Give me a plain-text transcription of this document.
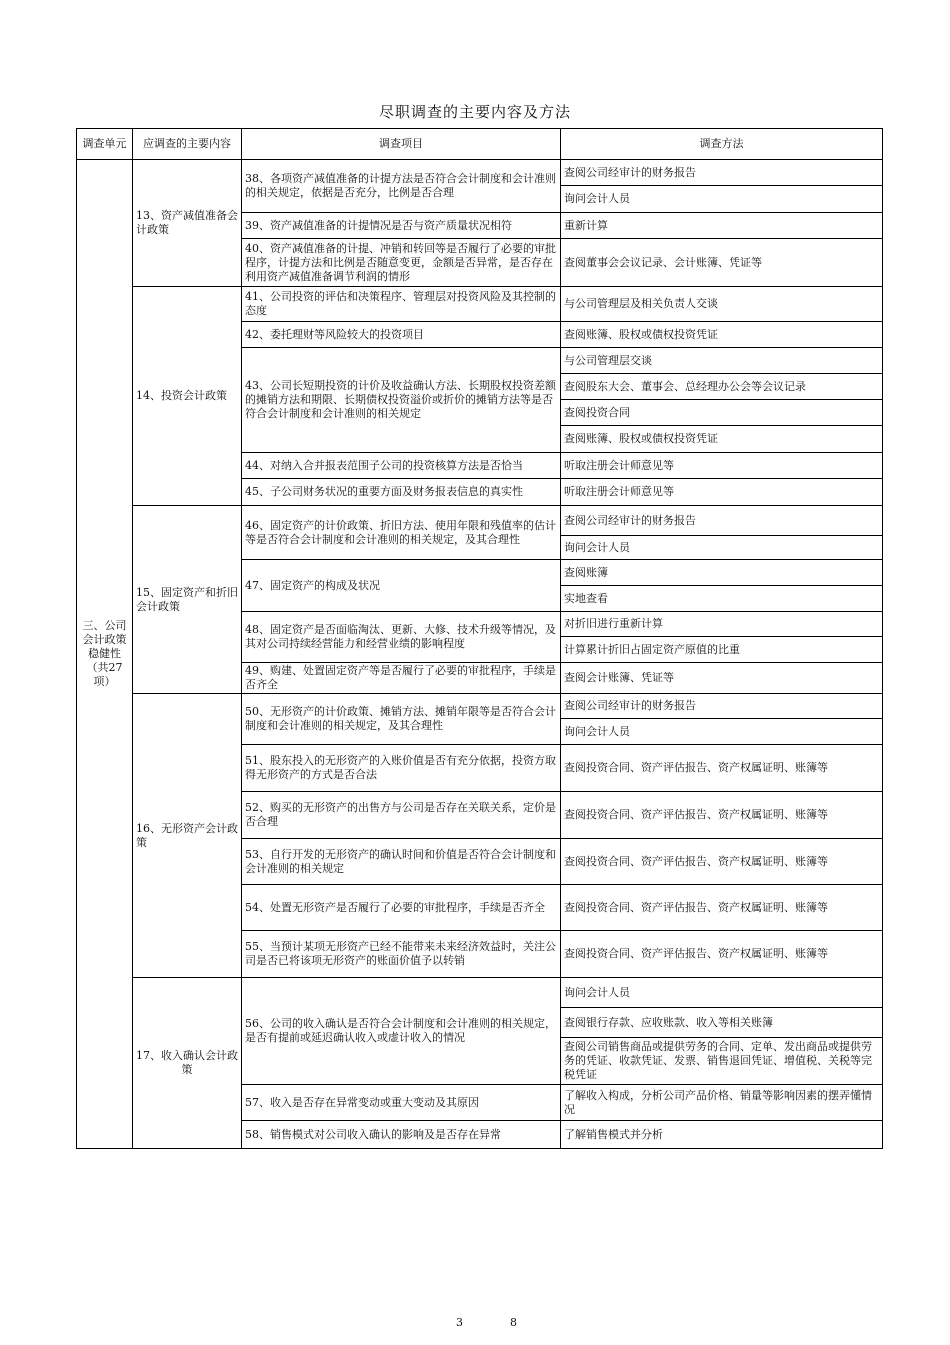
尽职调查的主要内容及方法
调查单元	应调查的主要内容	调查项目	调查方法
三、公司会计政策稳健性（共27项）	13、资产减值准备会计政策	38、各项资产减值准备的计提方法是否符合会计制度和会计准则的相关规定，依据是否充分，比例是否合理	查阅公司经审计的财务报告
			询问会计人员
		39、资产减值准备的计提情况是否与资产质量状况相符	重新计算
		40、资产减值准备的计提、冲销和转回等是否履行了必要的审批程序，计提方法和比例是否随意变更，金额是否异常，是否存在利用资产减值准备调节利润的情形	查阅董事会会议记录、会计账簿、凭证等
	14、投资会计政策	41、公司投资的评估和决策程序、管理层对投资风险及其控制的态度	与公司管理层及相关负责人交谈
		42、委托理财等风险较大的投资项目	查阅账簿、股权或债权投资凭证
		43、公司长短期投资的计价及收益确认方法、长期股权投资差额的摊销方法和期限、长期债权投资溢价或折价的摊销方法等是否符合会计制度和会计准则的相关规定	与公司管理层交谈
			查阅股东大会、董事会、总经理办公会等会议记录
			查阅投资合同
			查阅账簿、股权或债权投资凭证
		44、对纳入合并报表范围子公司的投资核算方法是否恰当	听取注册会计师意见等
		45、子公司财务状况的重要方面及财务报表信息的真实性	听取注册会计师意见等
	15、固定资产和折旧会计政策	46、固定资产的计价政策、折旧方法、使用年限和残值率的估计等是否符合会计制度和会计准则的相关规定，及其合理性	查阅公司经审计的财务报告
			询问会计人员
		47、固定资产的构成及状况	查阅账簿
			实地查看
		48、固定资产是否面临淘汰、更新、大修、技术升级等情况，及其对公司持续经营能力和经营业绩的影响程度	对折旧进行重新计算
			计算累计折旧占固定资产原值的比重
		49、购建、处置固定资产等是否履行了必要的审批程序，手续是否齐全	查阅会计账簿、凭证等
	16、无形资产会计政策	50、无形资产的计价政策、摊销方法、摊销年限等是否符合会计制度和会计准则的相关规定，及其合理性	查阅公司经审计的财务报告
			询问会计人员
		51、股东投入的无形资产的入账价值是否有充分依据，投资方取得无形资产的方式是否合法	查阅投资合同、资产评估报告、资产权属证明、账簿等
		52、购买的无形资产的出售方与公司是否存在关联关系，定价是否合理	查阅投资合同、资产评估报告、资产权属证明、账簿等
		53、自行开发的无形资产的确认时间和价值是否符合会计制度和会计准则的相关规定	查阅投资合同、资产评估报告、资产权属证明、账簿等
		54、处置无形资产是否履行了必要的审批程序，手续是否齐全	查阅投资合同、资产评估报告、资产权属证明、账簿等
		55、当预计某项无形资产已经不能带来未来经济效益时，关注公司是否已将该项无形资产的账面价值予以转销	查阅投资合同、资产评估报告、资产权属证明、账簿等
	17、收入确认会计政策	56、公司的收入确认是否符合会计制度和会计准则的相关规定，是否有提前或延迟确认收入或虚计收入的情况	询问会计人员
			查阅银行存款、应收账款、收入等相关账簿
			查阅公司销售商品或提供劳务的合同、定单、发出商品或提供劳务的凭证、收款凭证、发票、销售退回凭证、增值税、关税等完税凭证
		57、收入是否存在异常变动或重大变动及其原因	了解收入构成，分析公司产品价格、销量等影响因素的摆弄懂情况
		58、销售模式对公司收入确认的影响及是否存在异常	了解销售模式并分析
3	8
